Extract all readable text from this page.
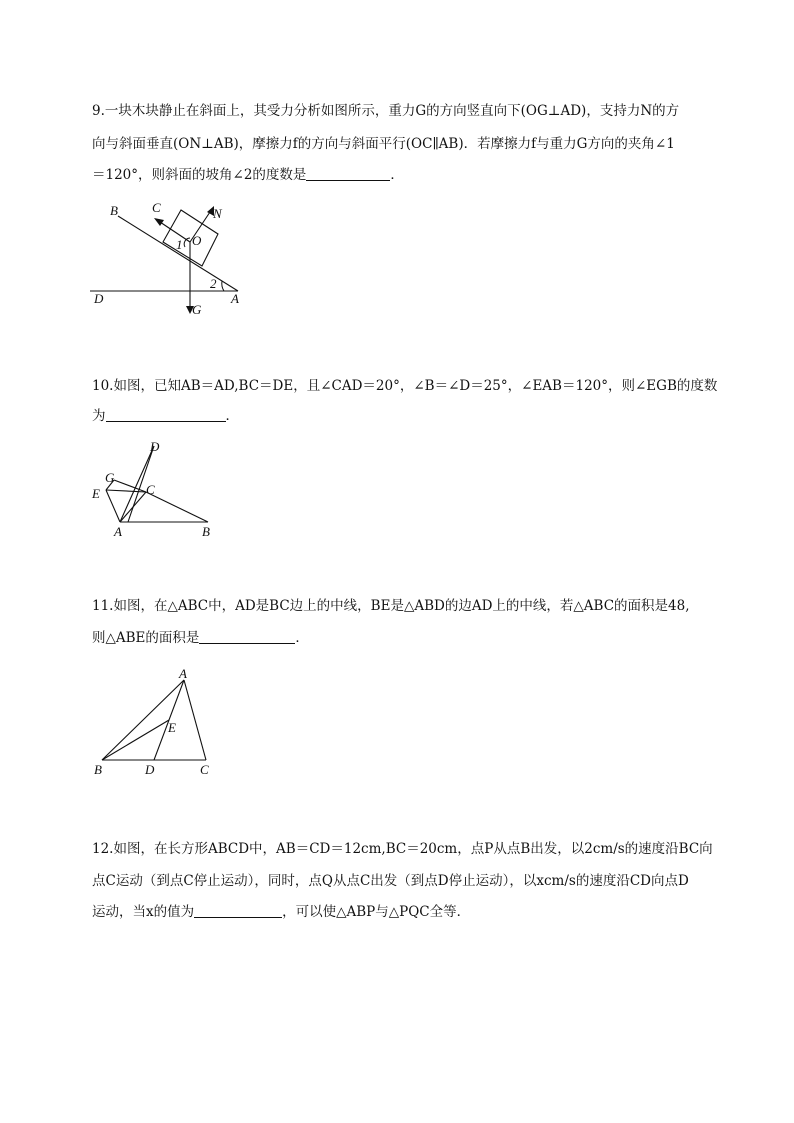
9.一块木块静止在斜面上，其受力分析如图所示，重力G的方向竖直向下(OG⊥AD)，支持力N的方
向与斜面垂直(ON⊥AB)，摩擦力f的方向与斜面平行(OC∥AB)．若摩擦力f与重力G方向的夹角∠1
＝120°，则斜面的坡角∠2的度数是	．
B	C	N
O
1
2
D	A
G
10.如图，已知AB＝AD,BC＝DE，且∠CAD＝20°，∠B＝∠D＝25°，∠EAB＝120°，则∠EGB的度数
为	．
D
G
E	C
A	B
11.如图，在△ABC中，AD是BC边上的中线，BE是△ABD的边AD上的中线，若△ABC的面积是48,
则△ABE的面积是	．
A
E
B	D	C
12.如图，在长方形ABCD中，AB＝CD＝12cm,BC＝20cm，点P从点B出发，以2cm/s的速度沿BC向
点C运动（到点C停止运动），同时，点Q从点C出发（到点D停止运动），以xcm/s的速度沿CD向点D
运动，当x的值为	，可以使△ABP与△PQC全等．
